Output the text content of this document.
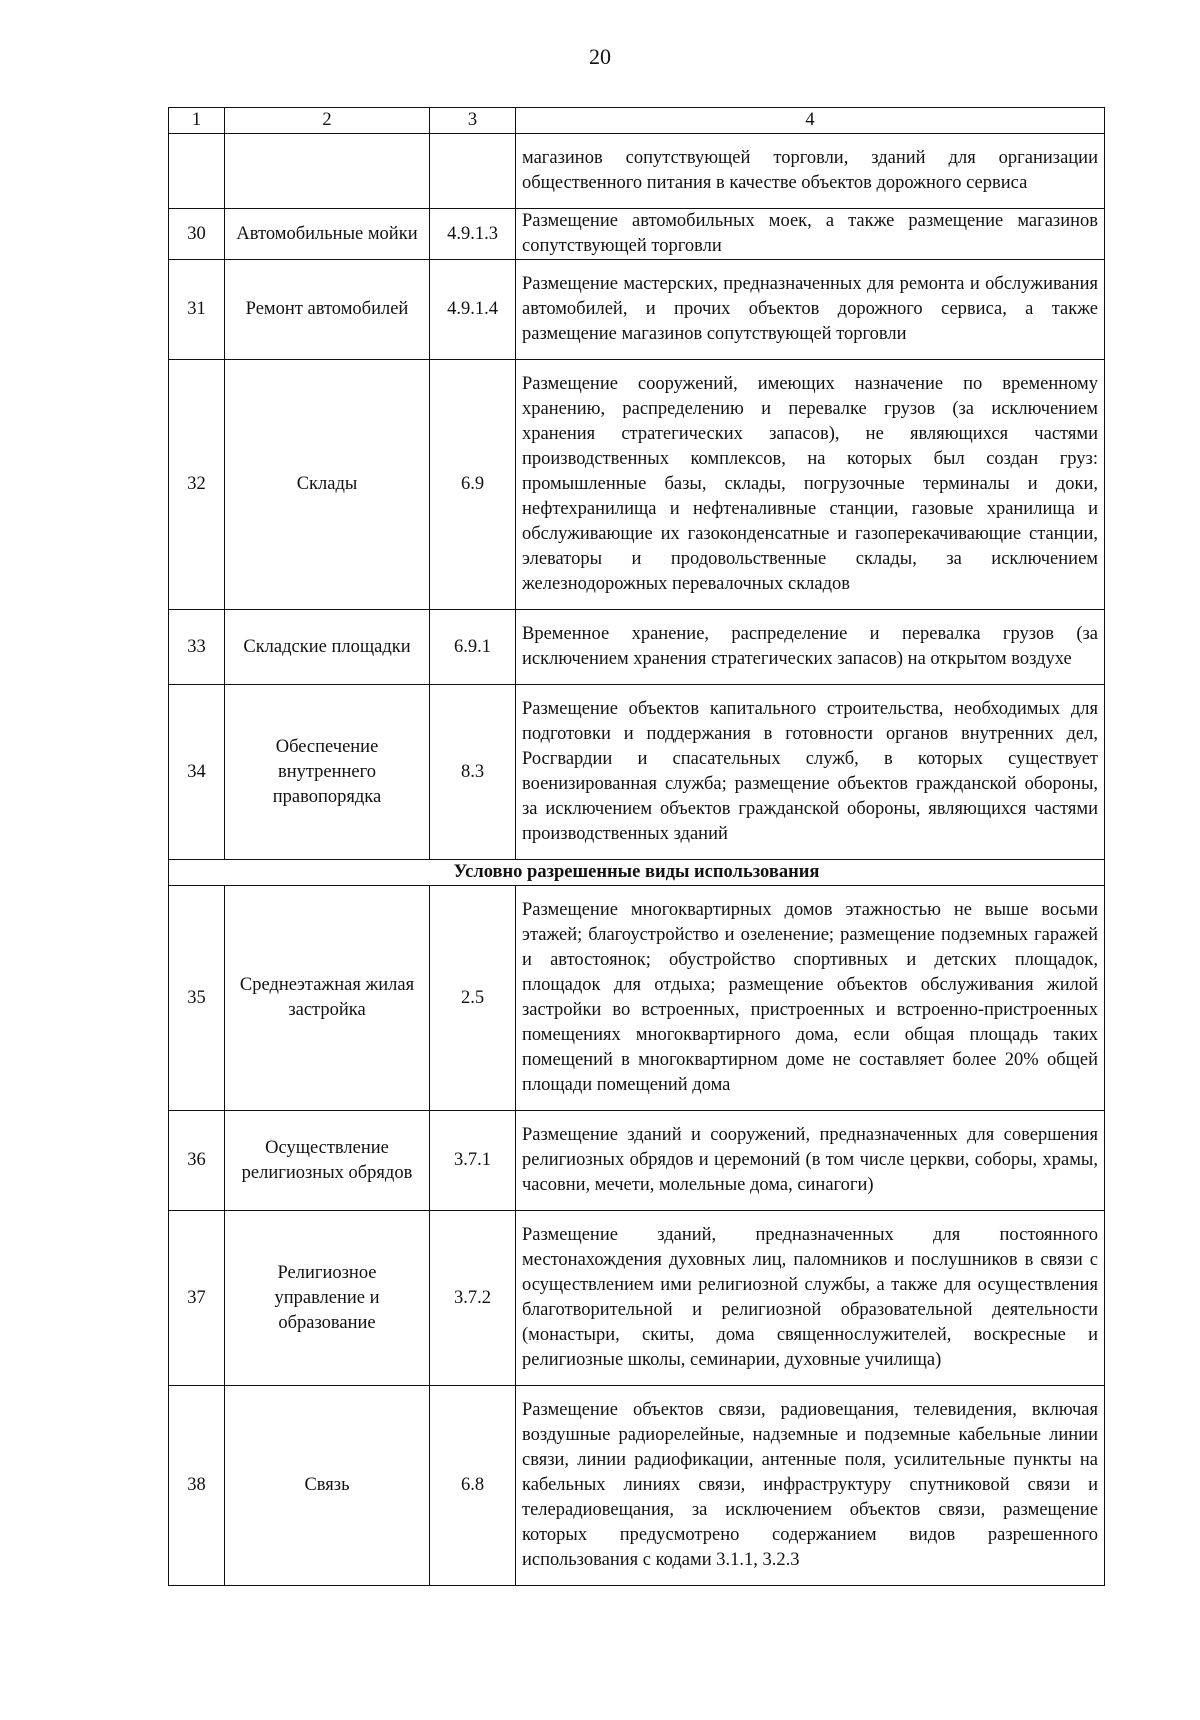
20
1	2	3	4
			магазинов сопутствующей торговли, зданий для организации общественного питания в качестве объектов дорожного сервиса
30	Автомобильные мойки	4.9.1.3	Размещение автомобильных моек, а также размещение магазинов сопутствующей торговли
31	Ремонт автомобилей	4.9.1.4	Размещение мастерских, предназначенных для ремонта и обслуживания автомобилей, и прочих объектов дорожного сервиса, а также размещение магазинов сопутствующей торговли
32	Склады	6.9	Размещение сооружений, имеющих назначение по временному хранению, распределению и перевалке грузов (за исключением хранения стратегических запасов), не являющихся частями производственных комплексов, на которых был создан груз: промышленные базы, склады, погрузочные терминалы и доки, нефтехранилища и нефтеналивные станции, газовые хранилища и обслуживающие их газоконденсатные и газоперекачивающие станции, элеваторы и продовольственные склады, за исключением железнодорожных перевалочных складов
33	Складские площадки	6.9.1	Временное хранение, распределение и перевалка грузов (за исключением хранения стратегических запасов) на открытом воздухе
34	Обеспечение внутреннего правопорядка	8.3	Размещение объектов капитального строительства, необходимых для подготовки и поддержания в готовности органов внутренних дел, Росгвардии и спасательных служб, в которых существует военизированная служба; размещение объектов гражданской обороны, за исключением объектов гражданской обороны, являющихся частями производственных зданий
Условно разрешенные виды использования			
35	Среднеэтажная жилая застройка	2.5	Размещение многоквартирных домов этажностью не выше восьми этажей; благоустройство и озеленение; размещение подземных гаражей и автостоянок; обустройство спортивных и детских площадок, площадок для отдыха; размещение объектов обслуживания жилой застройки во встроенных, пристроенных и встроенно-пристроенных помещениях многоквартирного дома, если общая площадь таких помещений в многоквартирном доме не составляет более 20% общей площади помещений дома
36	Осуществление религиозных обрядов	3.7.1	Размещение зданий и сооружений, предназначенных для совершения религиозных обрядов и церемоний (в том числе церкви, соборы, храмы, часовни, мечети, молельные дома, синагоги)
37	Религиозное управление и образование	3.7.2	Размещение зданий, предназначенных для постоянного местонахождения духовных лиц, паломников и послушников в связи с осуществлением ими религиозной службы, а также для осуществления благотворительной и религиозной образовательной деятельности (монастыри, скиты, дома священнослужителей, воскресные и религиозные школы, семинарии, духовные училища)
38	Связь	6.8	Размещение объектов связи, радиовещания, телевидения, включая воздушные радиорелейные, надземные и подземные кабельные линии связи, линии радиофикации, антенные поля, усилительные пункты на кабельных линиях связи, инфраструктуру спутниковой связи и телерадиовещания, за исключением объектов связи, размещение которых предусмотрено содержанием видов разрешенного использования с кодами 3.1.1, 3.2.3
